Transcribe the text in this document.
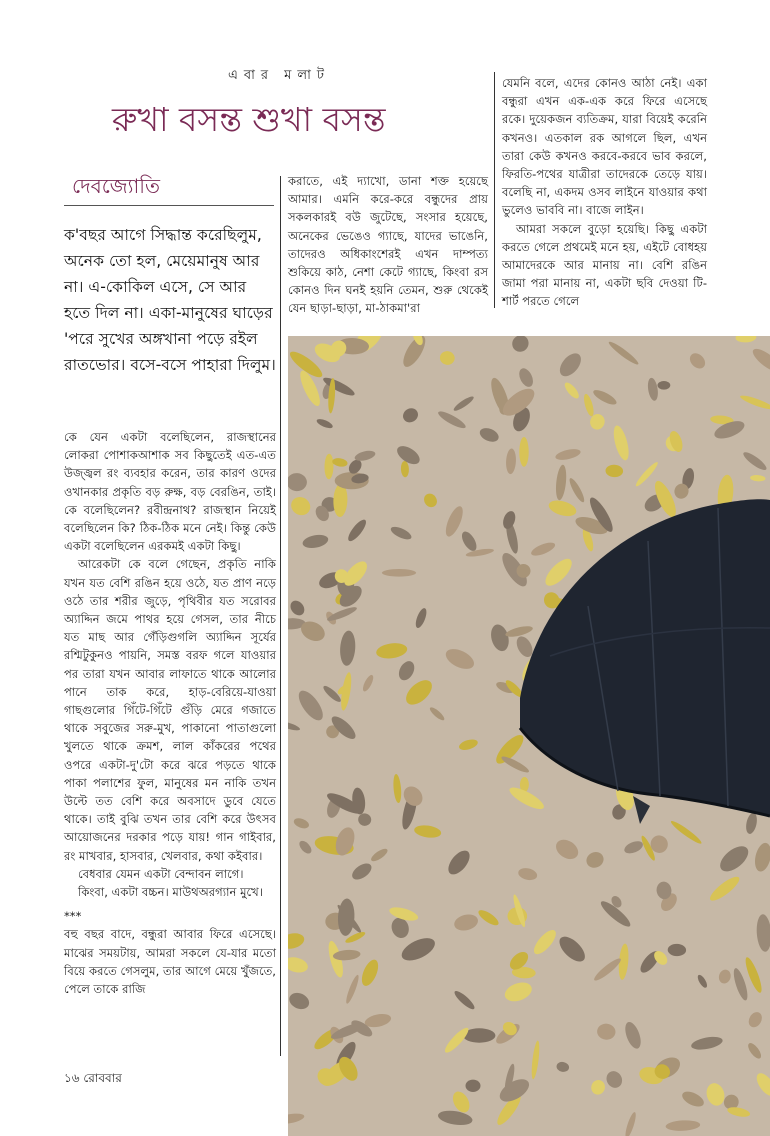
এবার মলাট
রুখা বসন্ত শুখা বসন্ত
দেবজ্যোতি
ক'বছর আগে সিদ্ধান্ত করেছিলুম, অনেক তো হল, মেয়েমানুষ আর না। এ-কোকিল এসে, সে আর হতে দিল না। একা-মানুষের ঘাড়ের 'পরে সুখের অঙ্গখানা পড়ে রইল রাতভোর। বসে-বসে পাহারা দিলুম।

কে যেন একটা বলেছিলেন, রাজস্থানের লোকরা পোশাকআশাক সব কিছুতেই এত-এত উজ্জ্বল রং ব্যবহার করেন, তার কারণ ওদের ওখানকার প্রকৃতি বড় রুক্ষ, বড় বেরঙিন, তাই। কে বলেছিলেন? রবীন্দ্রনাথ? রাজস্থান নিয়েই বলেছিলেন কি? ঠিক-ঠিক মনে নেই। কিন্তু কেউ একটা বলেছিলেন এরকমই একটা কিছু।

আরেকটা কে বলে গেছেন, প্রকৃতি নাকি যখন যত বেশি রঙিন হয়ে ওঠে, যত প্রাণ নড়ে ওঠে তার শরীর জুড়ে, পৃথিবীর যত সরোবর অ্যাদ্দিন জমে পাথর হয়ে গেসল, তার নীচে যত মাছ আর গেঁড়িগুগলি অ্যাদ্দিন সূর্যের রশ্মিটুকুনও পায়নি, সমস্ত বরফ গলে যাওয়ার পর তারা যখন আবার লাফাতে থাকে আলোর পানে তাক করে, হাড়-বেরিয়ে-যাওয়া গাছগুলোর গিঁটে-গিঁটে গুঁড়ি মেরে গজাতে থাকে সবুজের সরু-মুখ, পাকানো পাতাগুলো খুলতে থাকে ক্রমশ, লাল কাঁকরের পথের ওপরে একটা-দু'টো করে ঝরে পড়তে থাকে পাকা পলাশের ফুল, মানুষের মন নাকি তখন উল্টে তত বেশি করে অবসাদে ডুবে যেতে থাকে। তাই বুঝি তখন তার বেশি করে উৎসব আয়োজনের দরকার পড়ে যায়! গান গাইবার, রং মাখবার, হাসবার, খেলবার, কথা কইবার।

বেধবার যেমন একটা বেন্দাবন লাগে।

কিংবা, একটা বচ্চন। মাউথঅরগ্যান মুখে।

***

বহু বছর বাদে, বন্ধুরা আবার ফিরে এসেছে। মাঝের সময়টায়, আমরা সকলে যে-যার মতো বিয়ে করতে গেসলুম, তার আগে মেয়ে খুঁজতে, পেলে তাকে রাজি

করাতে, এই দ্যাখো, ডানা শক্ত হয়েছে আমার। এমনি করে-করে বন্ধুদের প্রায় সকলকারই বউ জুটেছে, সংসার হয়েছে, অনেকের ভেঙেও গ্যাছে, যাদের ভাঙেনি, তাদেরও অধিকাংশেরই এখন দাম্পত্য শুকিয়ে কাঠ, নেশা কেটে গ্যাছে, কিংবা রস কোনও দিন ঘনই হয়নি তেমন, শুরু থেকেই যেন ছাড়া-ছাড়া, মা-ঠাকমা'রা

যেমনি বলে, এদের কোনও আঠা নেই। একা বন্ধুরা এখন এক-এক করে ফিরে এসেছে রকে। দুয়েকজন ব্যতিক্রম, যারা বিয়েই করেনি কখনও। এতকাল রক আগলে ছিল, এখন তারা কেউ কখনও করবে-করবে ভাব করলে, ফিরতি-পথের যাত্রীরা তাদেরকে তেড়ে যায়। বলেছি না, একদম ওসব লাইনে যাওয়ার কথা ভুলেও ভাববি না। বাজে লাইন।

আমরা সকলে বুড়ো হয়েছি। কিছু একটা করতে গেলে প্রথমেই মনে হয়, এইটে বোধহয় আমাদেরকে আর মানায় না। বেশি রঙিন জামা পরা মানায় না, একটা ছবি দেওয়া টি-শার্ট পরতে গেলে

১৬ রোববার
